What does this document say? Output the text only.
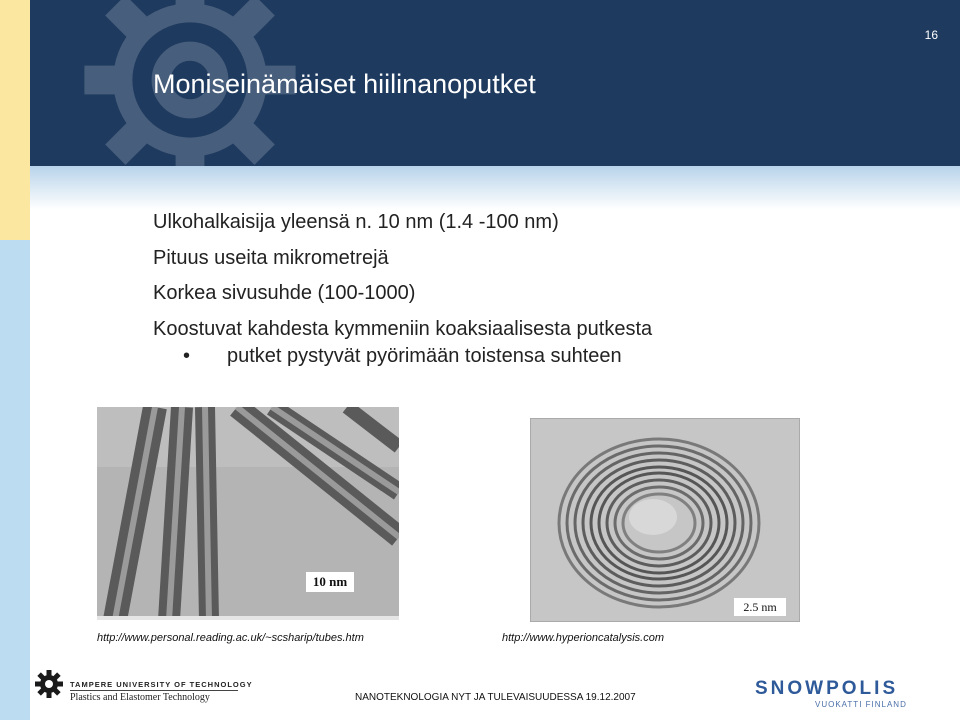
Moniseinämäiset hiilinanoputket
16
Ulkohalkaisija yleensä n. 10 nm (1.4 -100 nm)
Pituus useita mikrometrejä
Korkea sivusuhde (100-1000)
Koostuvat kahdesta kymmeniin koaksiaalisesta putkesta
• putket pystyvät pyörimään toistensa suhteen
10 nm
2.5 nm
http://www.personal.reading.ac.uk/~scsharip/tubes.htm	http://www.hyperioncatalysis.com
TAMPERE UNIVERSITY OF TECHNOLOGY
Plastics and Elastomer Technology	NANOTEKNOLOGIA NYT JA TULEVAISUUDESSA 19.12.2007	SNOWPOLIS
VUOKATTI FINLAND
